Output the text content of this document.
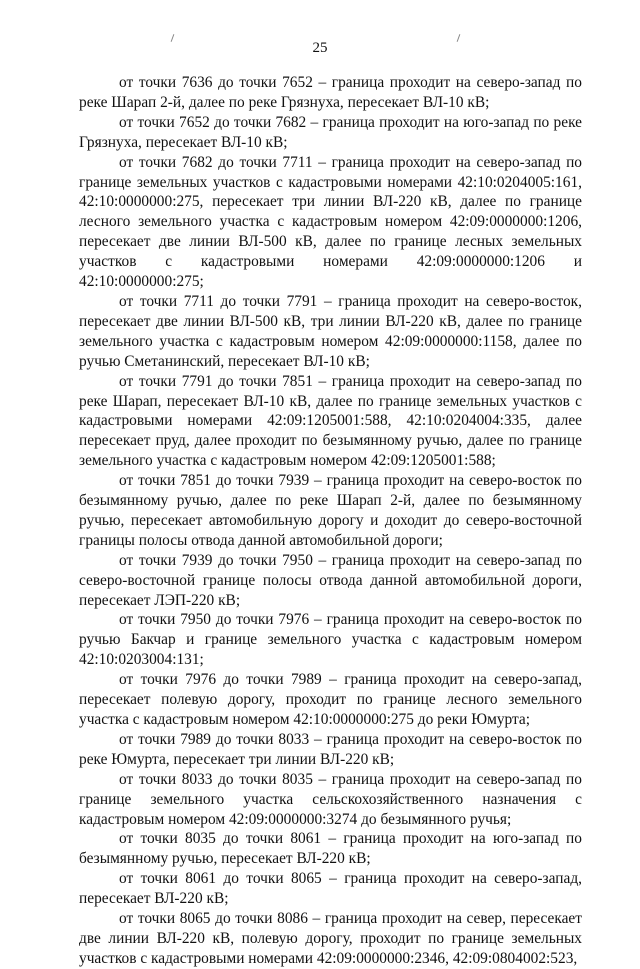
25

от точки 7636 до точки 7652 – граница проходит на северо-запад по реке Шарап 2-й, далее по реке Грязнуха, пересекает ВЛ-10 кВ;

от точки 7652 до точки 7682 – граница проходит на юго-запад по реке Грязнуха, пересекает ВЛ-10 кВ;

от точки 7682 до точки 7711 – граница проходит на северо-запад по границе земельных участков с кадастровыми номерами 42:10:0204005:161, 42:10:0000000:275, пересекает три линии ВЛ-220 кВ, далее по границе лесного земельного участка с кадастровым номером 42:09:0000000:1206, пересекает две линии ВЛ-500 кВ, далее по границе лесных земельных участков с кадастровыми номерами 42:09:0000000:1206 и 42:10:0000000:275;

от точки 7711 до точки 7791 – граница проходит на северо-восток, пересекает две линии ВЛ-500 кВ, три линии ВЛ-220 кВ, далее по границе земельного участка с кадастровым номером 42:09:0000000:1158, далее по ручью Сметанинский, пересекает ВЛ-10 кВ;

от точки 7791 до точки 7851 – граница проходит на северо-запад по реке Шарап, пересекает ВЛ-10 кВ, далее по границе земельных участков с кадастровыми номерами 42:09:1205001:588, 42:10:0204004:335, далее пересекает пруд, далее проходит по безымянному ручью, далее по границе земельного участка с кадастровым номером 42:09:1205001:588;

от точки 7851 до точки 7939 – граница проходит на северо-восток по безымянному ручью, далее по реке Шарап 2-й, далее по безымянному ручью, пересекает автомобильную дорогу и доходит до северо-восточной границы полосы отвода данной автомобильной дороги;

от точки 7939 до точки 7950 – граница проходит на северо-запад по северо-восточной границе полосы отвода данной автомобильной дороги, пересекает ЛЭП-220 кВ;

от точки 7950 до точки 7976 – граница проходит на северо-восток по ручью Бакчар и границе земельного участка с кадастровым номером 42:10:0203004:131;

от точки 7976 до точки 7989 – граница проходит на северо-запад, пересекает полевую дорогу, проходит по границе лесного земельного участка с кадастровым номером 42:10:0000000:275 до реки Юмурта;

от точки 7989 до точки 8033 – граница проходит на северо-восток по реке Юмурта, пересекает три линии ВЛ-220 кВ;

от точки 8033 до точки 8035 – граница проходит на северо-запад по границе земельного участка сельскохозяйственного назначения с кадастровым номером 42:09:0000000:3274 до безымянного ручья;

от точки 8035 до точки 8061 – граница проходит на юго-запад по безымянному ручью, пересекает ВЛ-220 кВ;

от точки 8061 до точки 8065 – граница проходит на северо-запад, пересекает ВЛ-220 кВ;

от точки 8065 до точки 8086 – граница проходит на север, пересекает две линии ВЛ-220 кВ, полевую дорогу, проходит по границе земельных участков с кадастровыми номерами 42:09:0000000:2346, 42:09:0804002:523,
